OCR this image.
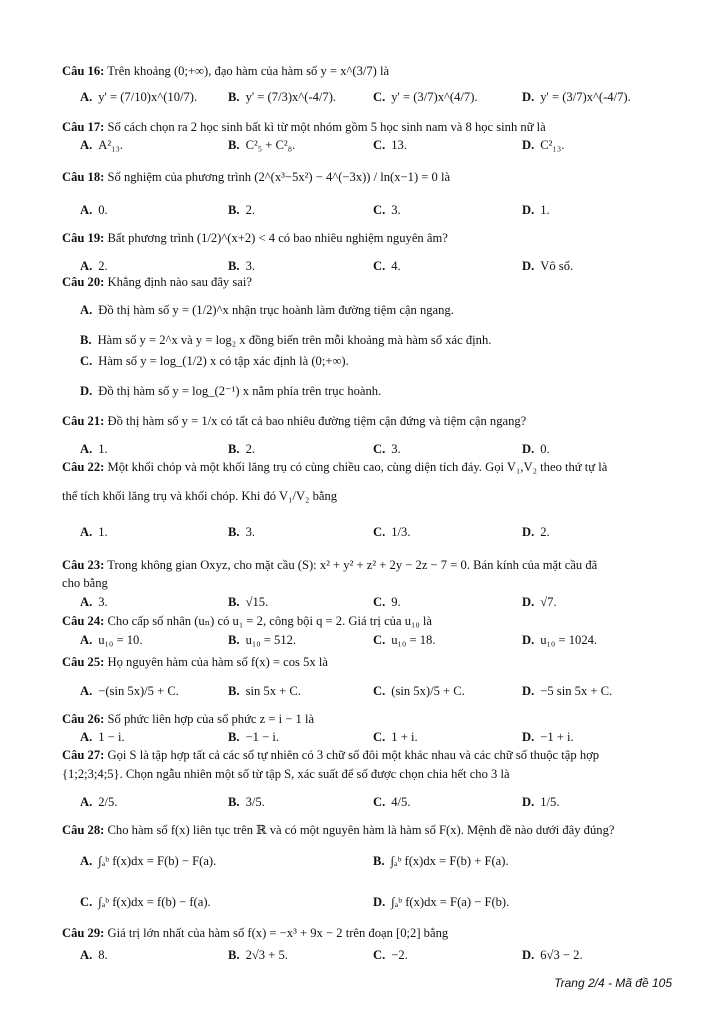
Câu 16: Trên khoảng (0;+∞), đạo hàm của hàm số y = x^(3/7) là
A. y' = (7/10)x^(10/7). B. y' = (7/3)x^(-4/7).	C. y' = (3/7)x^(4/7).	D. y' = (3/7)x^(-4/7).
Câu 17: Số cách chọn ra 2 học sinh bất kì từ một nhóm gồm 5 học sinh nam và 8 học sinh nữ là
A. A²₁₃.	B. C²₅ + C²₈.	C. 13.	D. C²₁₃.
Câu 18: Số nghiệm của phương trình (2^(x³−5x²) − 4^(−3x)) / ln(x−1) = 0 là
A. 0.	B. 2.	C. 3.	D. 1.
Câu 19: Bất phương trình (1/2)^(x+2) < 4 có bao nhiêu nghiệm nguyên âm?
A. 2.	B. 3.	C. 4.	D. Vô số.
Câu 20: Khẳng định nào sau đây sai?
A. Đồ thị hàm số y = (1/2)^x nhận trục hoành làm đường tiệm cận ngang.
B. Hàm số y = 2^x và y = log₂ x đồng biến trên mỗi khoảng mà hàm số xác định.
C. Hàm số y = log_(1/2) x có tập xác định là (0;+∞).
D. Đồ thị hàm số y = log_(2⁻¹) x nằm phía trên trục hoành.
Câu 21: Đồ thị hàm số y = 1/x có tất cả bao nhiêu đường tiệm cận đứng và tiệm cận ngang?
A. 1.	B. 2.	C. 3.	D. 0.
Câu 22: Một khối chóp và một khối lăng trụ có cùng chiều cao, cùng diện tích đáy. Gọi V₁,V₂ theo thứ tự là
thể tích khối lăng trụ và khối chóp. Khi đó V₁/V₂ bằng
A. 1.	B. 3.	C. 1/3.	D. 2.
Câu 23: Trong không gian Oxyz, cho mặt cầu (S): x² + y² + z² + 2y − 2z − 7 = 0. Bán kính của mặt cầu đã
cho bằng
A. 3.	B. √15.	C. 9.	D. √7.
Câu 24: Cho cấp số nhân (uₙ) có u₁ = 2, công bội q = 2. Giá trị của u₁₀ là
A. u₁₀ = 10.	B. u₁₀ = 512.	C. u₁₀ = 18.	D. u₁₀ = 1024.
Câu 25: Họ nguyên hàm của hàm số f(x) = cos 5x là
A. −(sin 5x)/5 + C.	B. sin 5x + C.	C. (sin 5x)/5 + C.	D. −5 sin 5x + C.
Câu 26: Số phức liên hợp của số phức z = i − 1 là
A. 1 − i.	B. −1 − i.	C. 1 + i.	D. −1 + i.
Câu 27: Gọi S là tập hợp tất cả các số tự nhiên có 3 chữ số đôi một khác nhau và các chữ số thuộc tập hợp
{1;2;3;4;5}. Chọn ngẫu nhiên một số từ tập S, xác suất để số được chọn chia hết cho 3 là
A. 2/5.	B. 3/5.	C. 4/5.	D. 1/5.
Câu 28: Cho hàm số f(x) liên tục trên ℝ và có một nguyên hàm là hàm số F(x). Mệnh đề nào dưới đây đúng?
A. ∫ₐᵇ f(x)dx = F(b) − F(a).	B. ∫ₐᵇ f(x)dx = F(b) + F(a).
C. ∫ₐᵇ f(x)dx = f(b) − f(a).	D. ∫ₐᵇ f(x)dx = F(a) − F(b).
Câu 29: Giá trị lớn nhất của hàm số f(x) = −x³ + 9x − 2 trên đoạn [0;2] bằng
A. 8.	B. 2√3 + 5.	C. −2.	D. 6√3 − 2.
Trang 2/4 - Mã đề 105
